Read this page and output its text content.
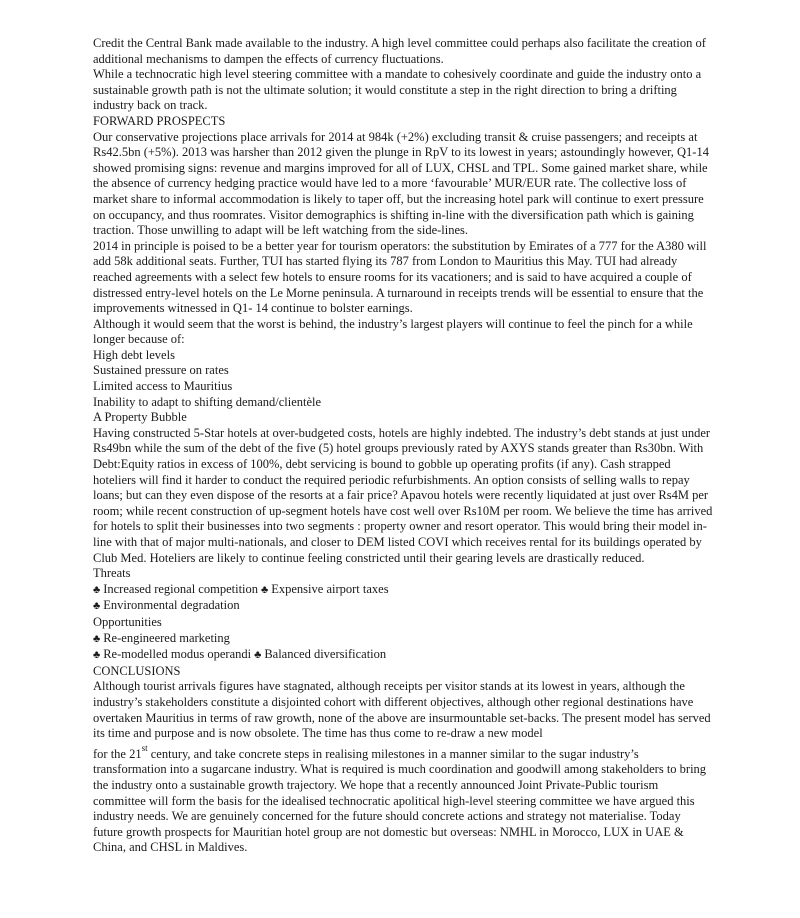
Credit the Central Bank made available to the industry. A high level committee could perhaps also facilitate the creation of additional mechanisms to dampen the effects of currency fluctuations.

While a technocratic high level steering committee with a mandate to cohesively coordinate and guide the industry onto a sustainable growth path is not the ultimate solution; it would constitute a step in the right direction to bring a drifting industry back on track.

FORWARD PROSPECTS

Our conservative projections place arrivals for 2014 at 984k (+2%) excluding transit & cruise passengers; and receipts at Rs42.5bn (+5%). 2013 was harsher than 2012 given the plunge in RpV to its lowest in years; astoundingly however, Q1-14 showed promising signs: revenue and margins improved for all of LUX, CHSL and TPL. Some gained market share, while the absence of currency hedging practice would have led to a more ‘favourable’ MUR/EUR rate. The collective loss of market share to informal accommodation is likely to taper off, but the increasing hotel park will continue to exert pressure on occupancy, and thus roomrates. Visitor demographics is shifting in-line with the diversification path which is gaining traction. Those unwilling to adapt will be left watching from the side-lines.

2014 in principle is poised to be a better year for tourism operators: the substitution by Emirates of a 777 for the A380 will add 58k additional seats. Further, TUI has started flying its 787 from London to Mauritius this May. TUI had already reached agreements with a select few hotels to ensure rooms for its vacationers; and is said to have acquired a couple of distressed entry-level hotels on the Le Morne peninsula. A turnaround in receipts trends will be essential to ensure that the improvements witnessed in Q1- 14 continue to bolster earnings.

Although it would seem that the worst is behind, the industry’s largest players will continue to feel the pinch for a while longer because of:

High debt levels
Sustained pressure on rates
Limited access to Mauritius
Inability to adapt to shifting demand/clientèle

A Property Bubble

Having constructed 5-Star hotels at over-budgeted costs, hotels are highly indebted. The industry’s debt stands at just under Rs49bn while the sum of the debt of the five (5) hotel groups previously rated by AXYS stands greater than Rs30bn. With Debt:Equity ratios in excess of 100%, debt servicing is bound to gobble up operating profits (if any). Cash strapped hoteliers will find it harder to conduct the required periodic refurbishments. An option consists of selling walls to repay loans; but can they even dispose of the resorts at a fair price? Apavou hotels were recently liquidated at just over Rs4M per room; while recent construction of up-segment hotels have cost well over Rs10M per room. We believe the time has arrived for hotels to split their businesses into two segments : property owner and resort operator. This would bring their model in- line with that of major multi-nationals, and closer to DEM listed COVI which receives rental for its buildings operated by Club Med. Hoteliers are likely to continue feeling constricted until their gearing levels are drastically reduced.

Threats

♣ Increased regional competition ♣ Expensive airport taxes
♣ Environmental degradation

Opportunities

♣ Re-engineered marketing
♣ Re-modelled modus operandi ♣ Balanced diversification

CONCLUSIONS

Although tourist arrivals figures have stagnated, although receipts per visitor stands at its lowest in years, although the industry’s stakeholders constitute a disjointed cohort with different objectives, although other regional destinations have overtaken Mauritius in terms of raw growth, none of the above are insurmountable set-backs. The present model has served its time and purpose and is now obsolete. The time has thus come to re-draw a new model
for the 21st century, and take concrete steps in realising milestones in a manner similar to the sugar industry’s transformation into a sugarcane industry. What is required is much coordination and goodwill among stakeholders to bring the industry onto a sustainable growth trajectory. We hope that a recently announced Joint Private-Public tourism committee will form the basis for the idealised technocratic apolitical high-level steering committee we have argued this industry needs. We are genuinely concerned for the future should concrete actions and strategy not materialise. Today future growth prospects for Mauritian hotel group are not domestic but overseas: NMHL in Morocco, LUX in UAE & China, and CHSL in Maldives.
